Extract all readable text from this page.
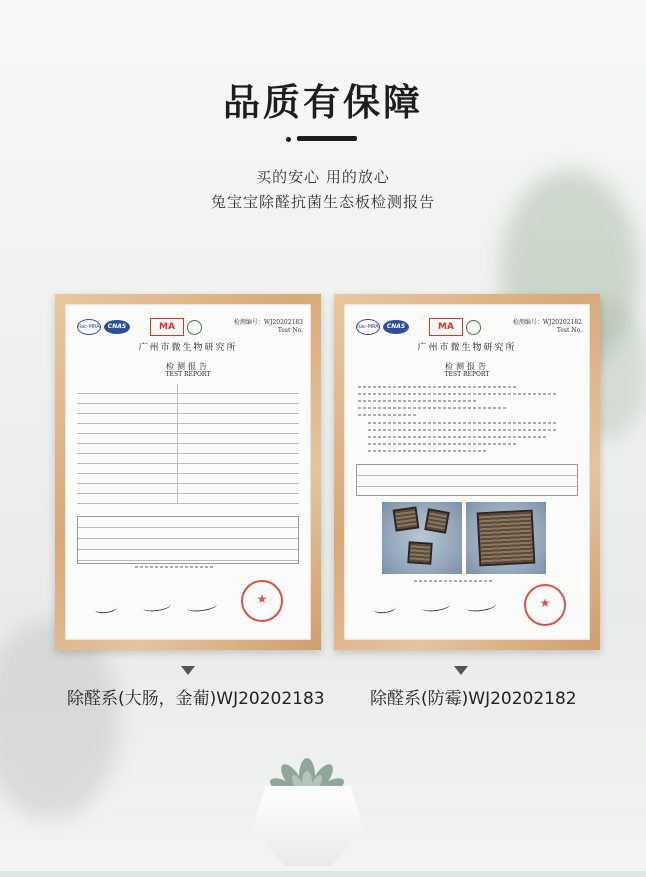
品质有保障
买的安心 用的放心
兔宝宝除醛抗菌生态板检测报告
ilac-MRA	CNAS	MA	检测编号：WJ20202183
Test No.
广州市微生物研究所
检测报告
TEST REPORT
★
ilac-MRA	CNAS	MA	检测编号：WJ20202182
Test No.
广州市微生物研究所
检测报告
TEST REPORT
★
除醛系(大肠，金葡)WJ20202183	除醛系(防霉)WJ20202182
